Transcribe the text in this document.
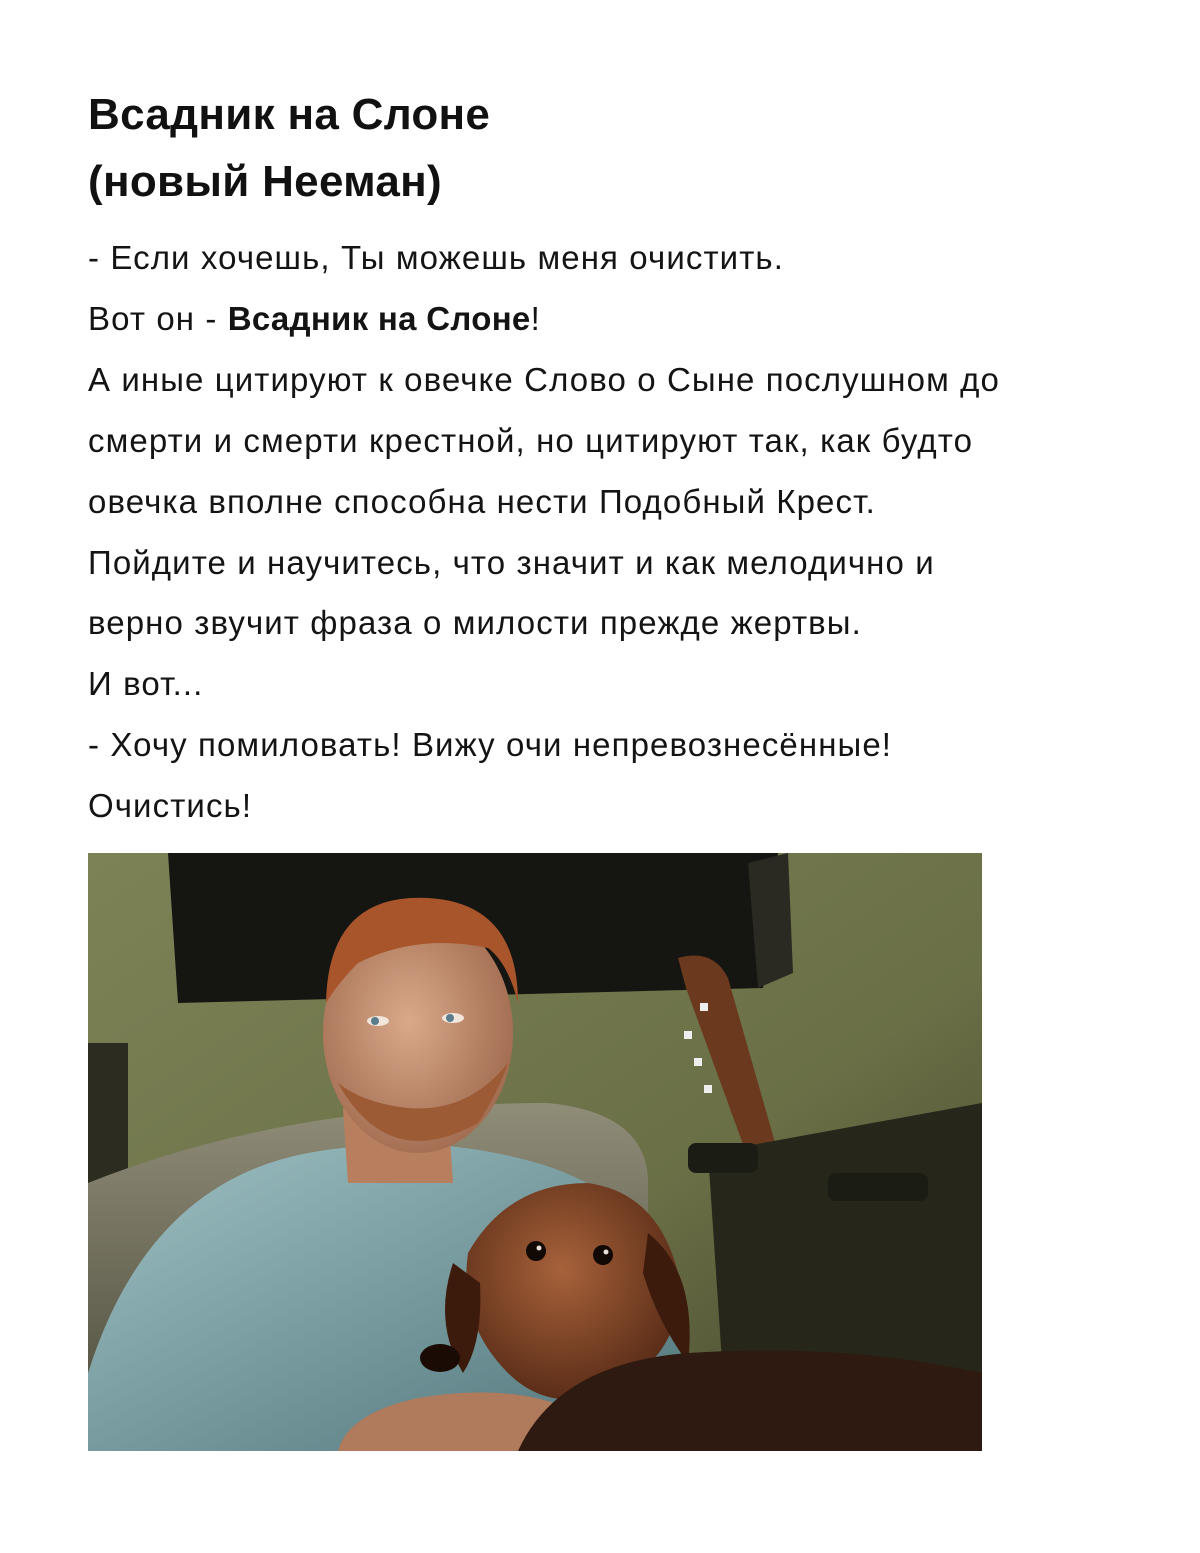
Всадник на Слоне
(новый Нееман)

- Если хочешь, Ты можешь меня очистить.

Вот он - Всадник на Слоне!

А иные цитируют к овечке Слово о Сыне послушном до

смерти и смерти крестной, но цитируют так, как будто

овечка вполне способна нести Подобный Крест.

Пойдите и научитесь, что значит и как мелодично и

верно звучит фраза о милости прежде жертвы.

И вот...

- Хочу помиловать! Вижу очи непревознесённые!

Очистись!
